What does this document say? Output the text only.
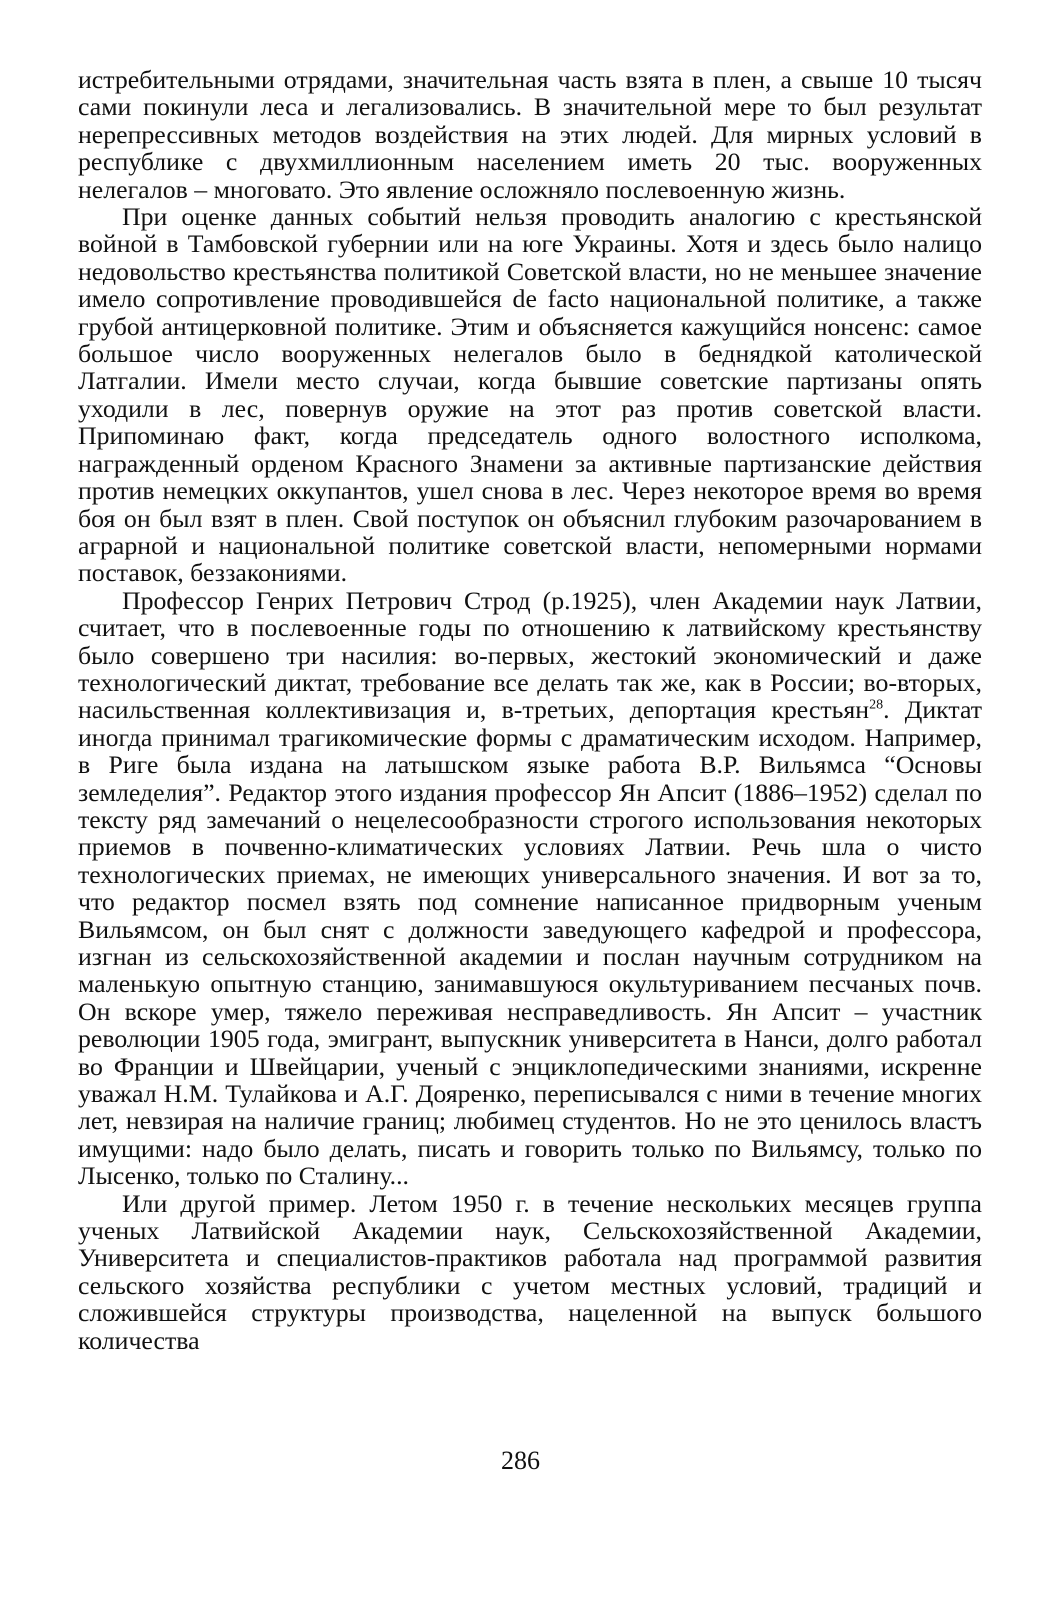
истребительными отрядами, значительная часть взята в плен, а свыше 10 тысяч сами покинули леса и легализовались. В значительной мере то был результат нерепрессивных методов воздействия на этих людей. Для мирных условий в республике с двухмиллионным населением иметь 20 тыс. вооруженных нелегалов – многовато. Это явление осложняло послевоенную жизнь.

При оценке данных событий нельзя проводить аналогию с крестьянской войной в Тамбовской губернии или на юге Украины. Хотя и здесь было налицо недовольство крестьянства политикой Советской власти, но не меньшее значение имело сопротивление проводившейся de facto национальной политике, а также грубой антицерковной политике. Этим и объясняется кажущийся нонсенс: самое большое число вооруженных нелегалов было в беднядкой католической Латгалии. Имели место случаи, когда бывшие советские партизаны опять уходили в лес, повернув оружие на этот раз против советской власти. Припоминаю факт, когда председатель одного волостного исполкома, награжденный орденом Красного Знамени за активные партизанские действия против немецких оккупантов, ушел снова в лес. Через некоторое время во время боя он был взят в плен. Свой поступок он объяснил глубоким разочарованием в аграрной и национальной политике советской власти, непомерными нормами поставок, беззакониями.

Профессор Генрих Петрович Строд (р.1925), член Академии наук Латвии, считает, что в послевоенные годы по отношению к латвийскому крестьянству было совершено три насилия: во-первых, жестокий экономический и даже технологический диктат, требование все делать так же, как в России; во-вторых, насильственная коллективизация и, в-третьих, депортация крестьян$^{28}$. Диктат иногда принимал трагикомические формы с драматическим исходом. Например, в Риге была издана на латышском языке работа В.Р. Вильямса “Основы земледелия”. Редактор этого издания профессор Ян Апсит (1886–1952) сделал по тексту ряд замечаний о нецелесообразности строгого использования некоторых приемов в почвенно-климатических условиях Латвии. Речь шла о чисто технологических приемах, не имеющих универсального значения. И вот за то, что редактор посмел взять под сомнение написанное придворным ученым Вильямсом, он был снят с должности заведующего кафедрой и профессора, изгнан из сельскохозяйственной академии и послан научным сотрудником на маленькую опытную станцию, занимавшуюся окультуриванием песчаных почв. Он вскоре умер, тяжело переживая несправедливость. Ян Апсит – участник революции 1905 года, эмигрант, выпускник университета в Нанси, долго работал во Франции и Швейцарии, ученый с энциклопедическими знаниями, искренне уважал Н.М. Тулайкова и А.Г. Дояренко, переписывался с ними в течение многих лет, невзирая на наличие границ; любимец студентов. Но не это ценилось властъ имущими: надо было делать, писать и говорить только по Вильямсу, только по Лысенко, только по Сталину...

Или другой пример. Летом 1950 г. в течение нескольких месяцев группа ученых Латвийской Академии наук, Сельскохозяйственной Академии, Университета и специалистов-практиков работала над программой развития сельского хозяйства республики с учетом местных условий, традиций и сложившейся структуры производства, нацеленной на выпуск большого количества

286
